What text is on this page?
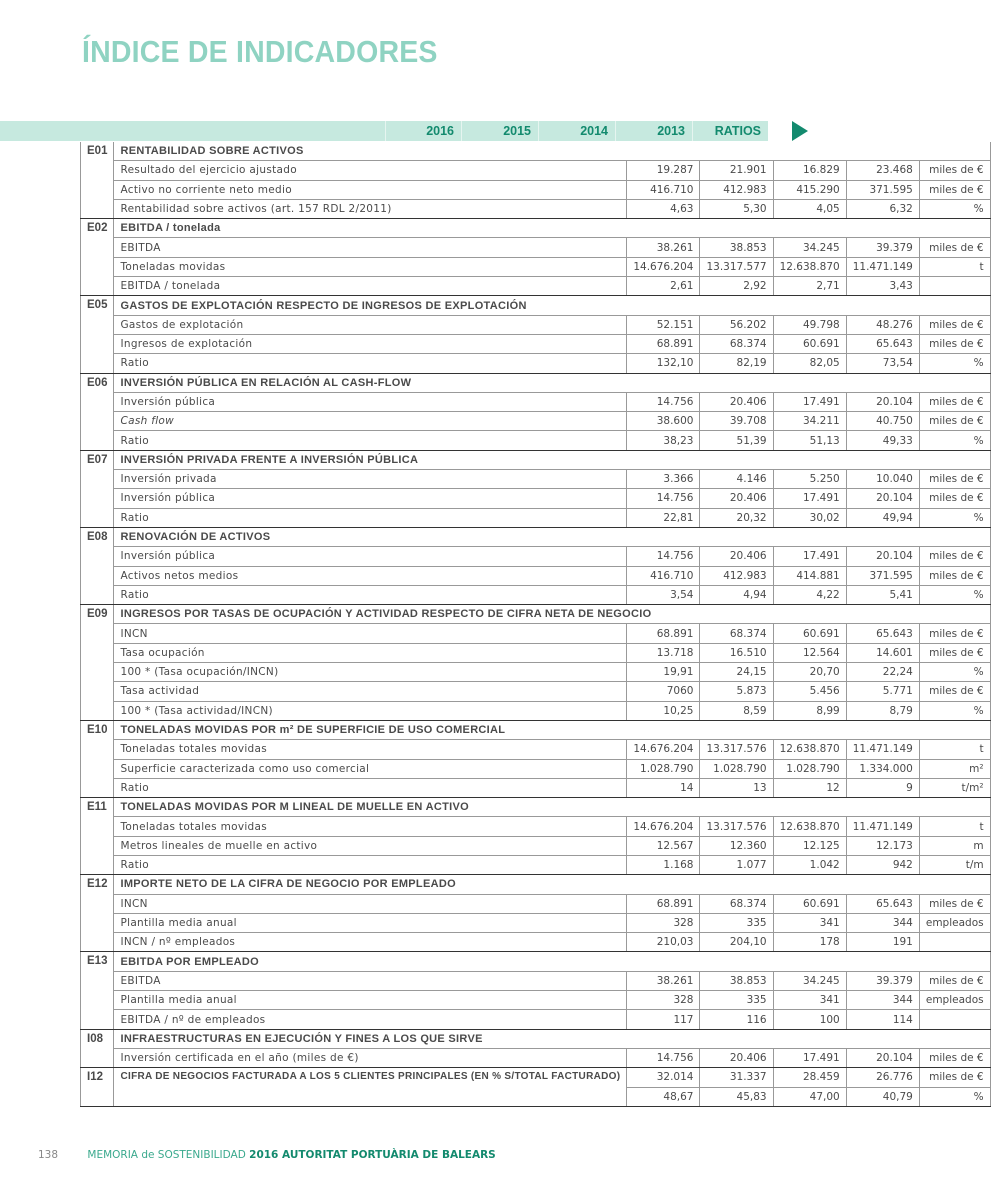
ÍNDICE DE INDICADORES
2016	2015	2014	2013	RATIOS
E01	RENTABILIDAD SOBRE ACTIVOS					
	Resultado del ejercicio ajustado	19.287	21.901	16.829	23.468	miles de €
	Activo no corriente neto medio	416.710	412.983	415.290	371.595	miles de €
	Rentabilidad sobre activos (art. 157 RDL 2/2011)	4,63	5,30	4,05	6,32	%
E02	EBITDA / tonelada					
	EBITDA	38.261	38.853	34.245	39.379	miles de €
	Toneladas movidas	14.676.204	13.317.577	12.638.870	11.471.149	t
	EBITDA / tonelada	2,61	2,92	2,71	3,43	
E05	GASTOS DE EXPLOTACIÓN RESPECTO DE INGRESOS DE EXPLOTACIÓN					
	Gastos de explotación	52.151	56.202	49.798	48.276	miles de €
	Ingresos de explotación	68.891	68.374	60.691	65.643	miles de €
	Ratio	132,10	82,19	82,05	73,54	%
E06	INVERSIÓN PÚBLICA EN RELACIÓN AL CASH-FLOW					
	Inversión pública	14.756	20.406	17.491	20.104	miles de €
	Cash flow	38.600	39.708	34.211	40.750	miles de €
	Ratio	38,23	51,39	51,13	49,33	%
E07	INVERSIÓN PRIVADA FRENTE A INVERSIÓN PÚBLICA					
	Inversión privada	3.366	4.146	5.250	10.040	miles de €
	Inversión pública	14.756	20.406	17.491	20.104	miles de €
	Ratio	22,81	20,32	30,02	49,94	%
E08	RENOVACIÓN DE ACTIVOS					
	Inversión pública	14.756	20.406	17.491	20.104	miles de €
	Activos netos medios	416.710	412.983	414.881	371.595	miles de €
	Ratio	3,54	4,94	4,22	5,41	%
E09	INGRESOS POR TASAS DE OCUPACIÓN Y ACTIVIDAD RESPECTO DE CIFRA NETA DE NEGOCIO					
	INCN	68.891	68.374	60.691	65.643	miles de €
	Tasa ocupación	13.718	16.510	12.564	14.601	miles de €
	100 * (Tasa ocupación/INCN)	19,91	24,15	20,70	22,24	%
	Tasa actividad	7060	5.873	5.456	5.771	miles de €
	100 * (Tasa actividad/INCN)	10,25	8,59	8,99	8,79	%
E10	TONELADAS MOVIDAS POR m² DE SUPERFICIE DE USO COMERCIAL					
	Toneladas totales movidas	14.676.204	13.317.576	12.638.870	11.471.149	t
	Superficie caracterizada como uso comercial	1.028.790	1.028.790	1.028.790	1.334.000	m²
	Ratio	14	13	12	9	t/m²
E11	TONELADAS MOVIDAS POR M LINEAL DE MUELLE EN ACTIVO					
	Toneladas totales movidas	14.676.204	13.317.576	12.638.870	11.471.149	t
	Metros lineales de muelle en activo	12.567	12.360	12.125	12.173	m
	Ratio	1.168	1.077	1.042	942	t/m
E12	IMPORTE NETO DE LA CIFRA DE NEGOCIO POR EMPLEADO					
	INCN	68.891	68.374	60.691	65.643	miles de €
	Plantilla media anual	328	335	341	344	empleados
	INCN / nº empleados	210,03	204,10	178	191	
E13	EBITDA POR EMPLEADO					
	EBITDA	38.261	38.853	34.245	39.379	miles de €
	Plantilla media anual	328	335	341	344	empleados
	EBITDA / nº de empleados	117	116	100	114	
I08	INFRAESTRUCTURAS EN EJECUCIÓN Y FINES A LOS QUE SIRVE					
	Inversión certificada en el año (miles de €)	14.756	20.406	17.491	20.104	miles de €
I12	CIFRA DE NEGOCIOS FACTURADA A LOS 5 CLIENTES PRINCIPALES (EN % S/TOTAL FACTURADO)	32.014	31.337	28.459	26.776	miles de €
		48,67	45,83	47,00	40,79	%
138	MEMORIA de SOSTENIBILIDAD 2016 AUTORITAT PORTUÀRIA DE BALEARS
